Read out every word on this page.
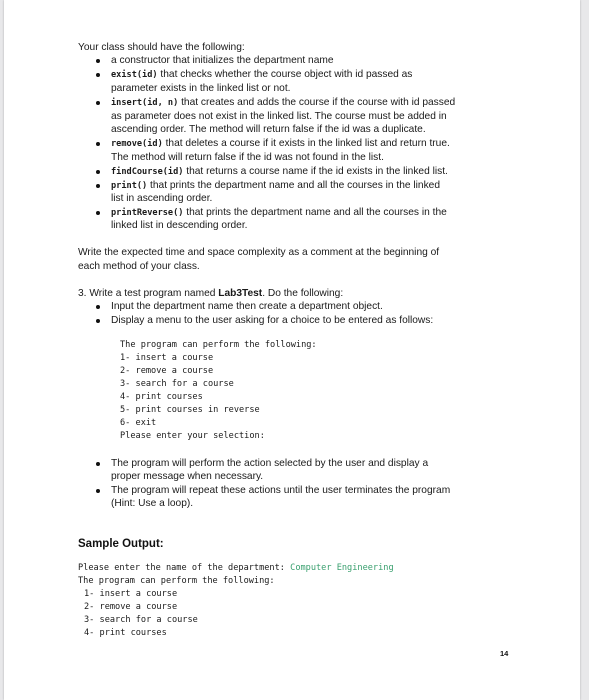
Your class should have the following:
a constructor that initializes the department name
exist(id) that checks whether the course object with id passed as
parameter exists in the linked list or not.
insert(id, n) that creates and adds the course if the course with id passed
as parameter does not exist in the linked list. The course must be added in
ascending order. The method will return false if the id was a duplicate.
remove(id) that deletes a course if it exists in the linked list and return true.
The method will return false if the id was not found in the list.
findCourse(id) that returns a course name if the id exists in the linked list.
print() that prints the department name and all the courses in the linked
list in ascending order.
printReverse() that prints the department name and all the courses in the
linked list in descending order.
Write the expected time and space complexity as a comment at the beginning of
each method of your class.
3. Write a test program named Lab3Test. Do the following:
Input the department name then create a department object.
Display a menu to the user asking for a choice to be entered as follows:
The program can perform the following:
1- insert a course
2- remove a course
3- search for a course
4- print courses
5- print courses in reverse
6- exit
Please enter your selection:
The program will perform the action selected by the user and display a
proper message when necessary.
The program will repeat these actions until the user terminates the program
(Hint: Use a loop).
Sample Output:
Please enter the name of the department: Computer Engineering
The program can perform the following:
1- insert a course
2- remove a course
3- search for a course
4- print courses
14
